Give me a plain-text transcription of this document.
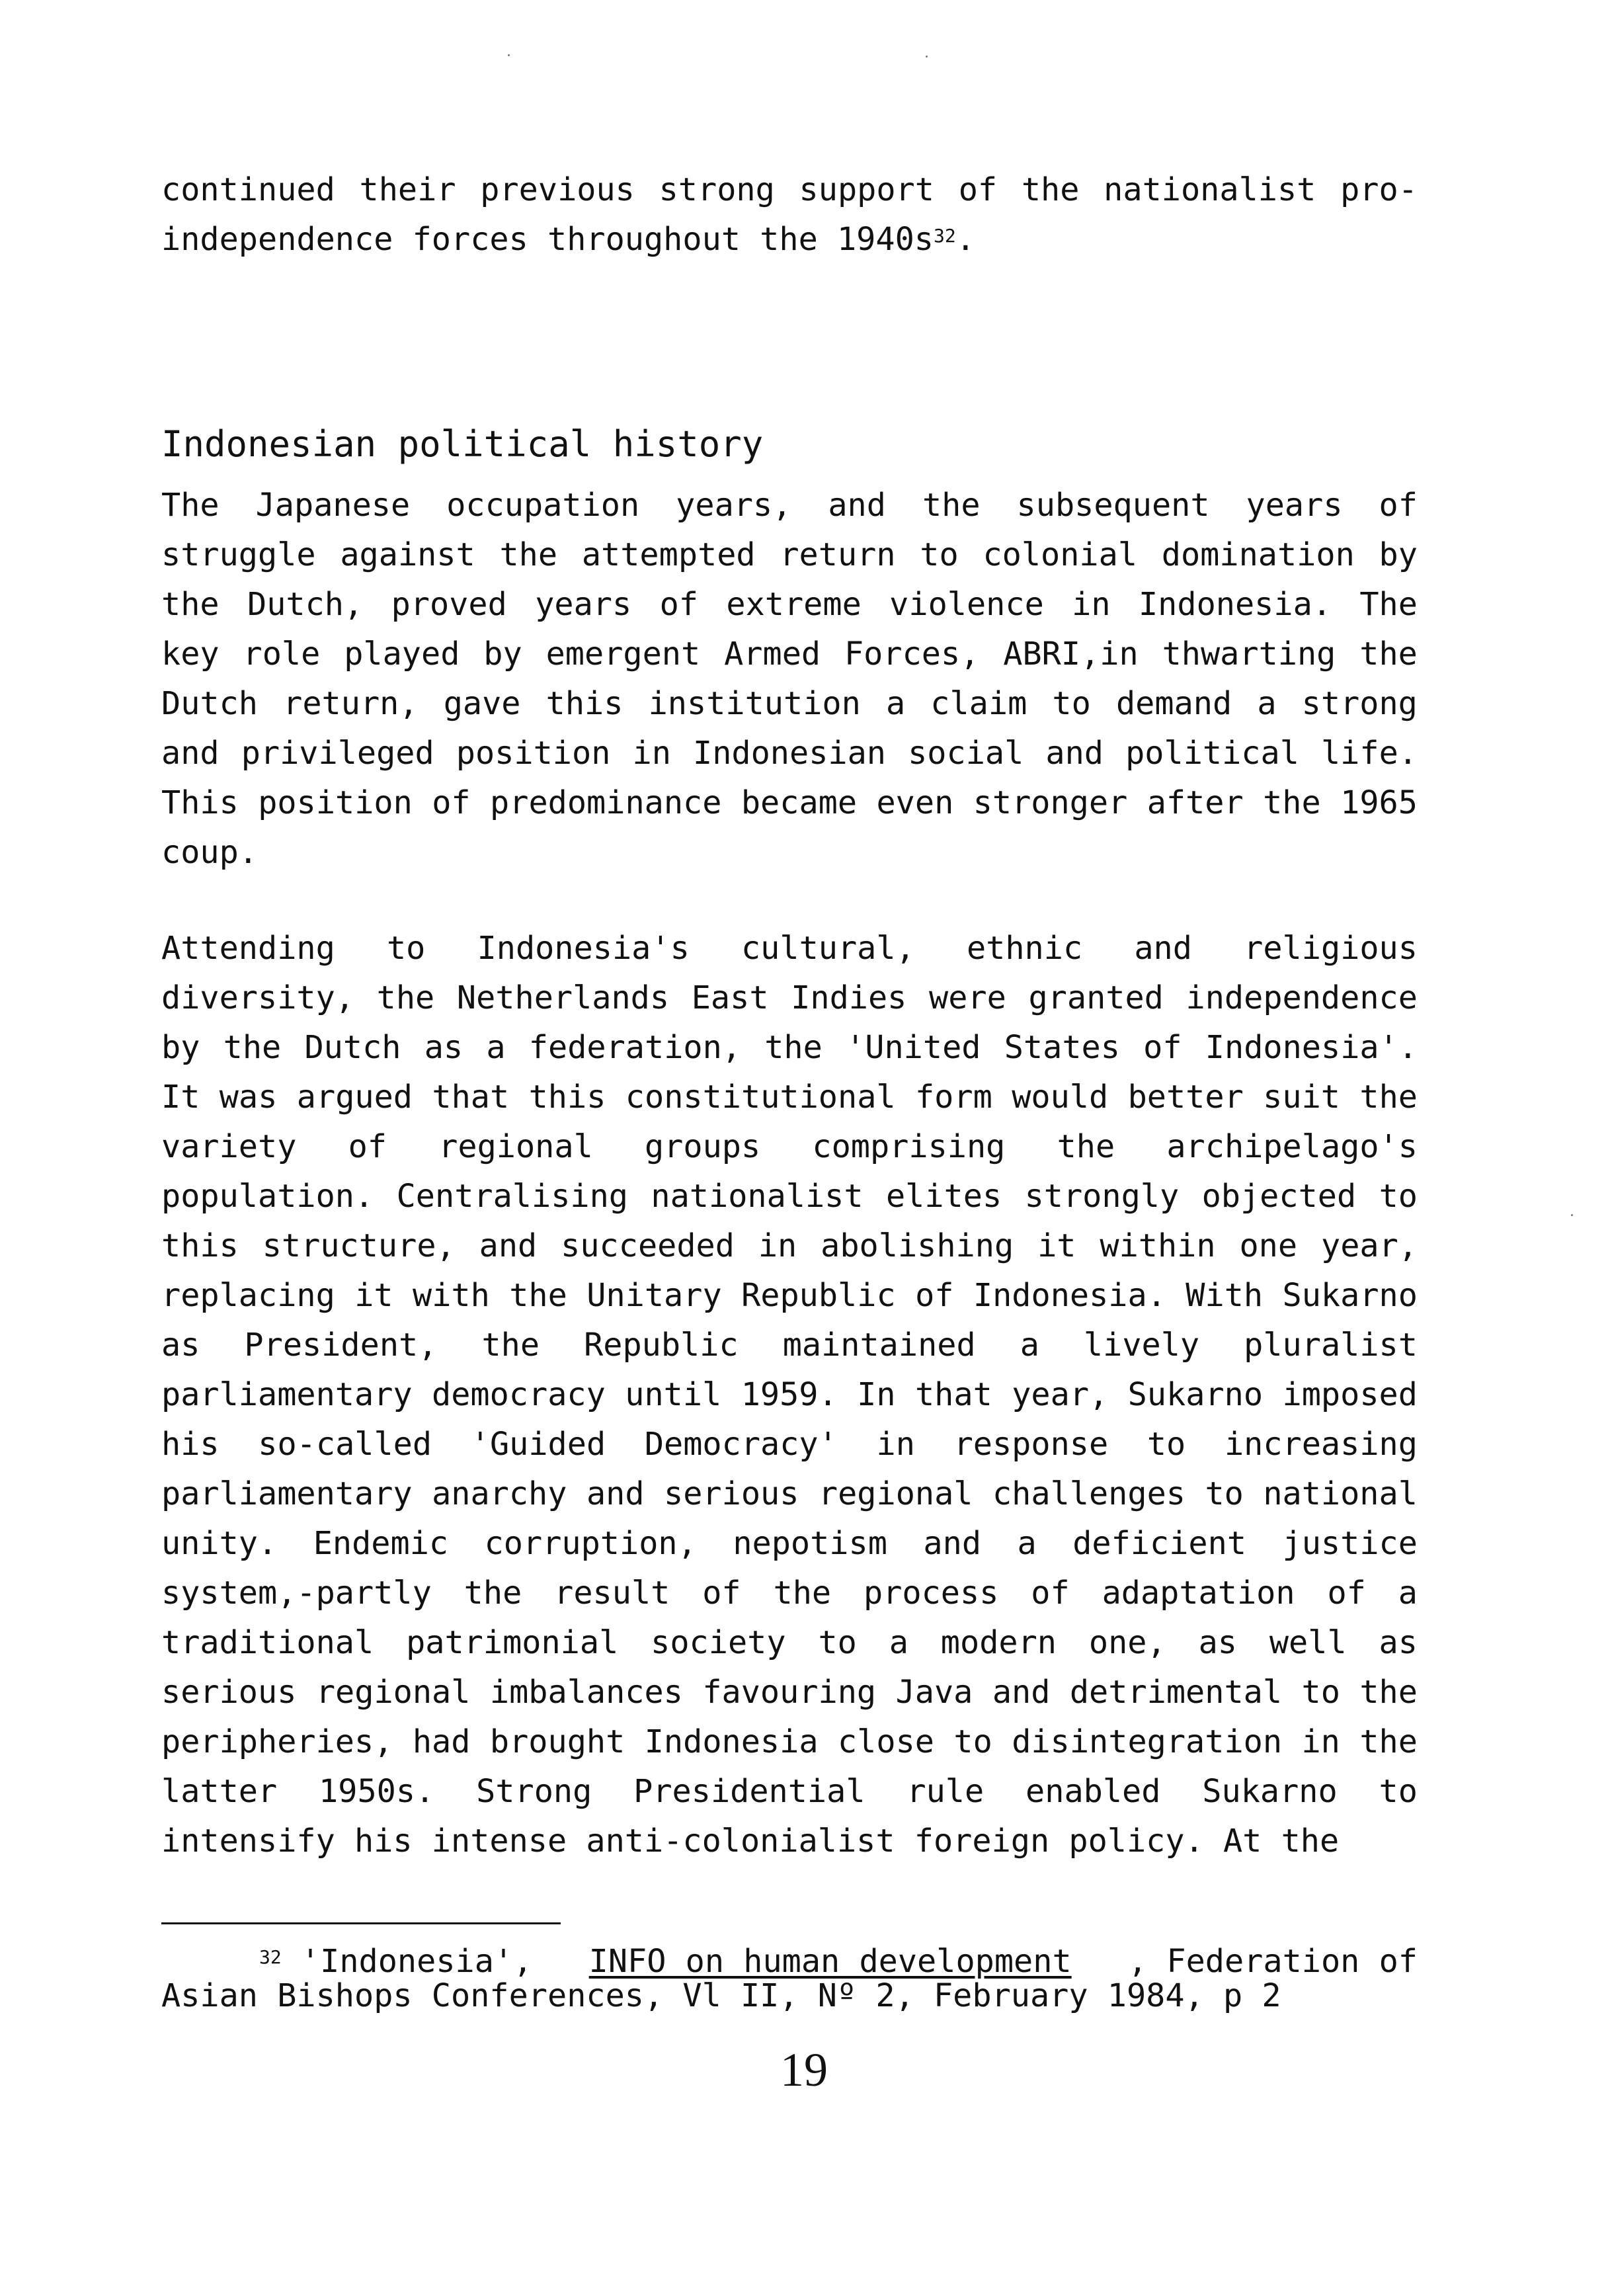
continued their previous strong support of the nationalist pro-
independence forces throughout the $1940s^{32}$.
Indonesian political history
The Japanese occupation years, and the subsequent years of
struggle against the attempted return to colonial domination by
the Dutch, proved years of extreme violence in Indonesia. The
key role played by emergent Armed Forces, ABRI,in thwarting the
Dutch return, gave this institution a claim to demand a strong
and privileged position in Indonesian social and political life.
This position of predominance became even stronger after the 1965
coup.
Attending to Indonesia's cultural, ethnic and religious
diversity, the Netherlands East Indies were granted independence
by the Dutch as a federation, the 'United States of Indonesia'.
It was argued that this constitutional form would better suit the
variety of regional groups comprising the archipelago's
population. Centralising nationalist elites strongly objected to
this structure, and succeeded in abolishing it within one year,
replacing it with the Unitary Republic of Indonesia. With Sukarno
as President, the Republic maintained a lively pluralist
parliamentary democracy until 1959. In that year, Sukarno imposed
his so-called 'Guided Democracy' in response to increasing
parliamentary anarchy and serious regional challenges to national
unity. Endemic corruption, nepotism and a deficient justice
system,-partly the result of the process of adaptation of a
traditional patrimonial society to a modern one, as well as
serious regional imbalances favouring Java and detrimental to the
peripheries, had brought Indonesia close to disintegration in the
latter 1950s. Strong Presidential rule enabled Sukarno to
intensify his intense anti-colonialist foreign policy. At the
$^{32}$ 'Indonesia', INFO on human development , Federation of
Asian Bishops Conferences, Vl II, Nº 2, February 1984, p 2
19
